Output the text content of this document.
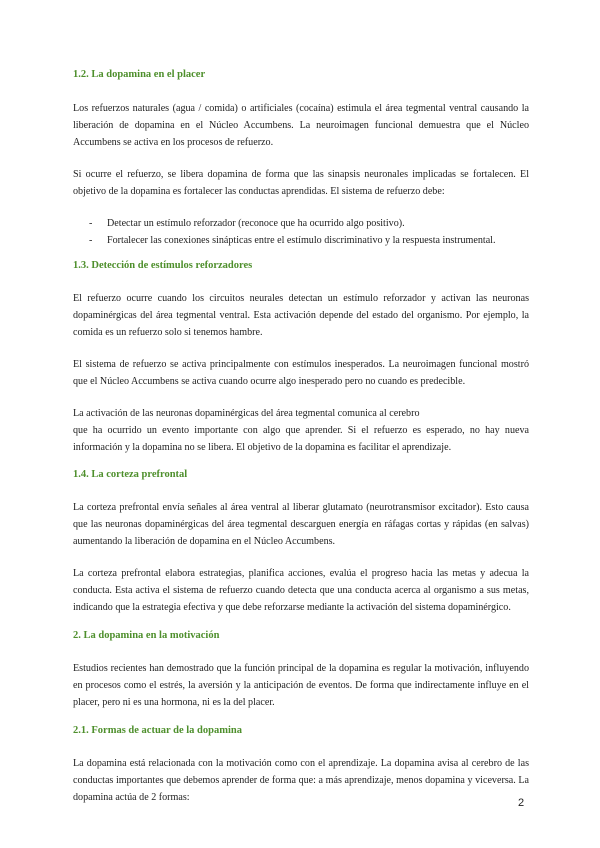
1.2. La dopamina en el placer

Los refuerzos naturales (agua / comida) o artificiales (cocaína) estimula el área tegmental ventral causando la liberación de dopamina en el Núcleo Accumbens. La neuroimagen funcional demuestra que el Núcleo Accumbens se activa en los procesos de refuerzo.

Si ocurre el refuerzo, se libera dopamina de forma que las sinapsis neuronales implicadas se fortalecen. El objetivo de la dopamina es fortalecer las conductas aprendidas. El sistema de refuerzo debe:

- Detectar un estímulo reforzador (reconoce que ha ocurrido algo positivo).
- Fortalecer las conexiones sinápticas entre el estímulo discriminativo y la respuesta instrumental.
1.3. Detección de estímulos reforzadores

El refuerzo ocurre cuando los circuitos neurales detectan un estímulo reforzador y activan las neuronas dopaminérgicas del área tegmental ventral. Esta activación depende del estado del organismo. Por ejemplo, la comida es un refuerzo solo si tenemos hambre.

El sistema de refuerzo se activa principalmente con estímulos inesperados. La neuroimagen funcional mostró que el Núcleo Accumbens se activa cuando ocurre algo inesperado pero no cuando es predecible.

La activación de las neuronas dopaminérgicas del área tegmental comunica al cerebro

que ha ocurrido un evento importante con algo que aprender. Si el refuerzo es esperado, no hay nueva información y la dopamina no se libera. El objetivo de la dopamina es facilitar el aprendizaje.

1.4. La corteza prefrontal

La corteza prefrontal envía señales al área ventral al liberar glutamato (neurotransmisor excitador). Esto causa que las neuronas dopaminérgicas del área tegmental descarguen energía en ráfagas cortas y rápidas (en salvas) aumentando la liberación de dopamina en el Núcleo Accumbens.

La corteza prefrontal elabora estrategias, planifica acciones, evalúa el progreso hacia las metas y adecua la conducta. Esta activa el sistema de refuerzo cuando detecta que una conducta acerca al organismo a sus metas, indicando que la estrategia efectiva y que debe reforzarse mediante la activación del sistema dopaminérgico.

2. La dopamina en la motivación

Estudios recientes han demostrado que la función principal de la dopamina es regular la motivación, influyendo en procesos como el estrés, la aversión y la anticipación de eventos. De forma que indirectamente influye en el placer, pero ni es una hormona, ni es la del placer.

2.1. Formas de actuar de la dopamina

La dopamina está relacionada con la motivación como con el aprendizaje. La dopamina avisa al cerebro de las conductas importantes que debemos aprender de forma que: a más aprendizaje, menos dopamina y viceversa. La dopamina actúa de 2 formas:	2
